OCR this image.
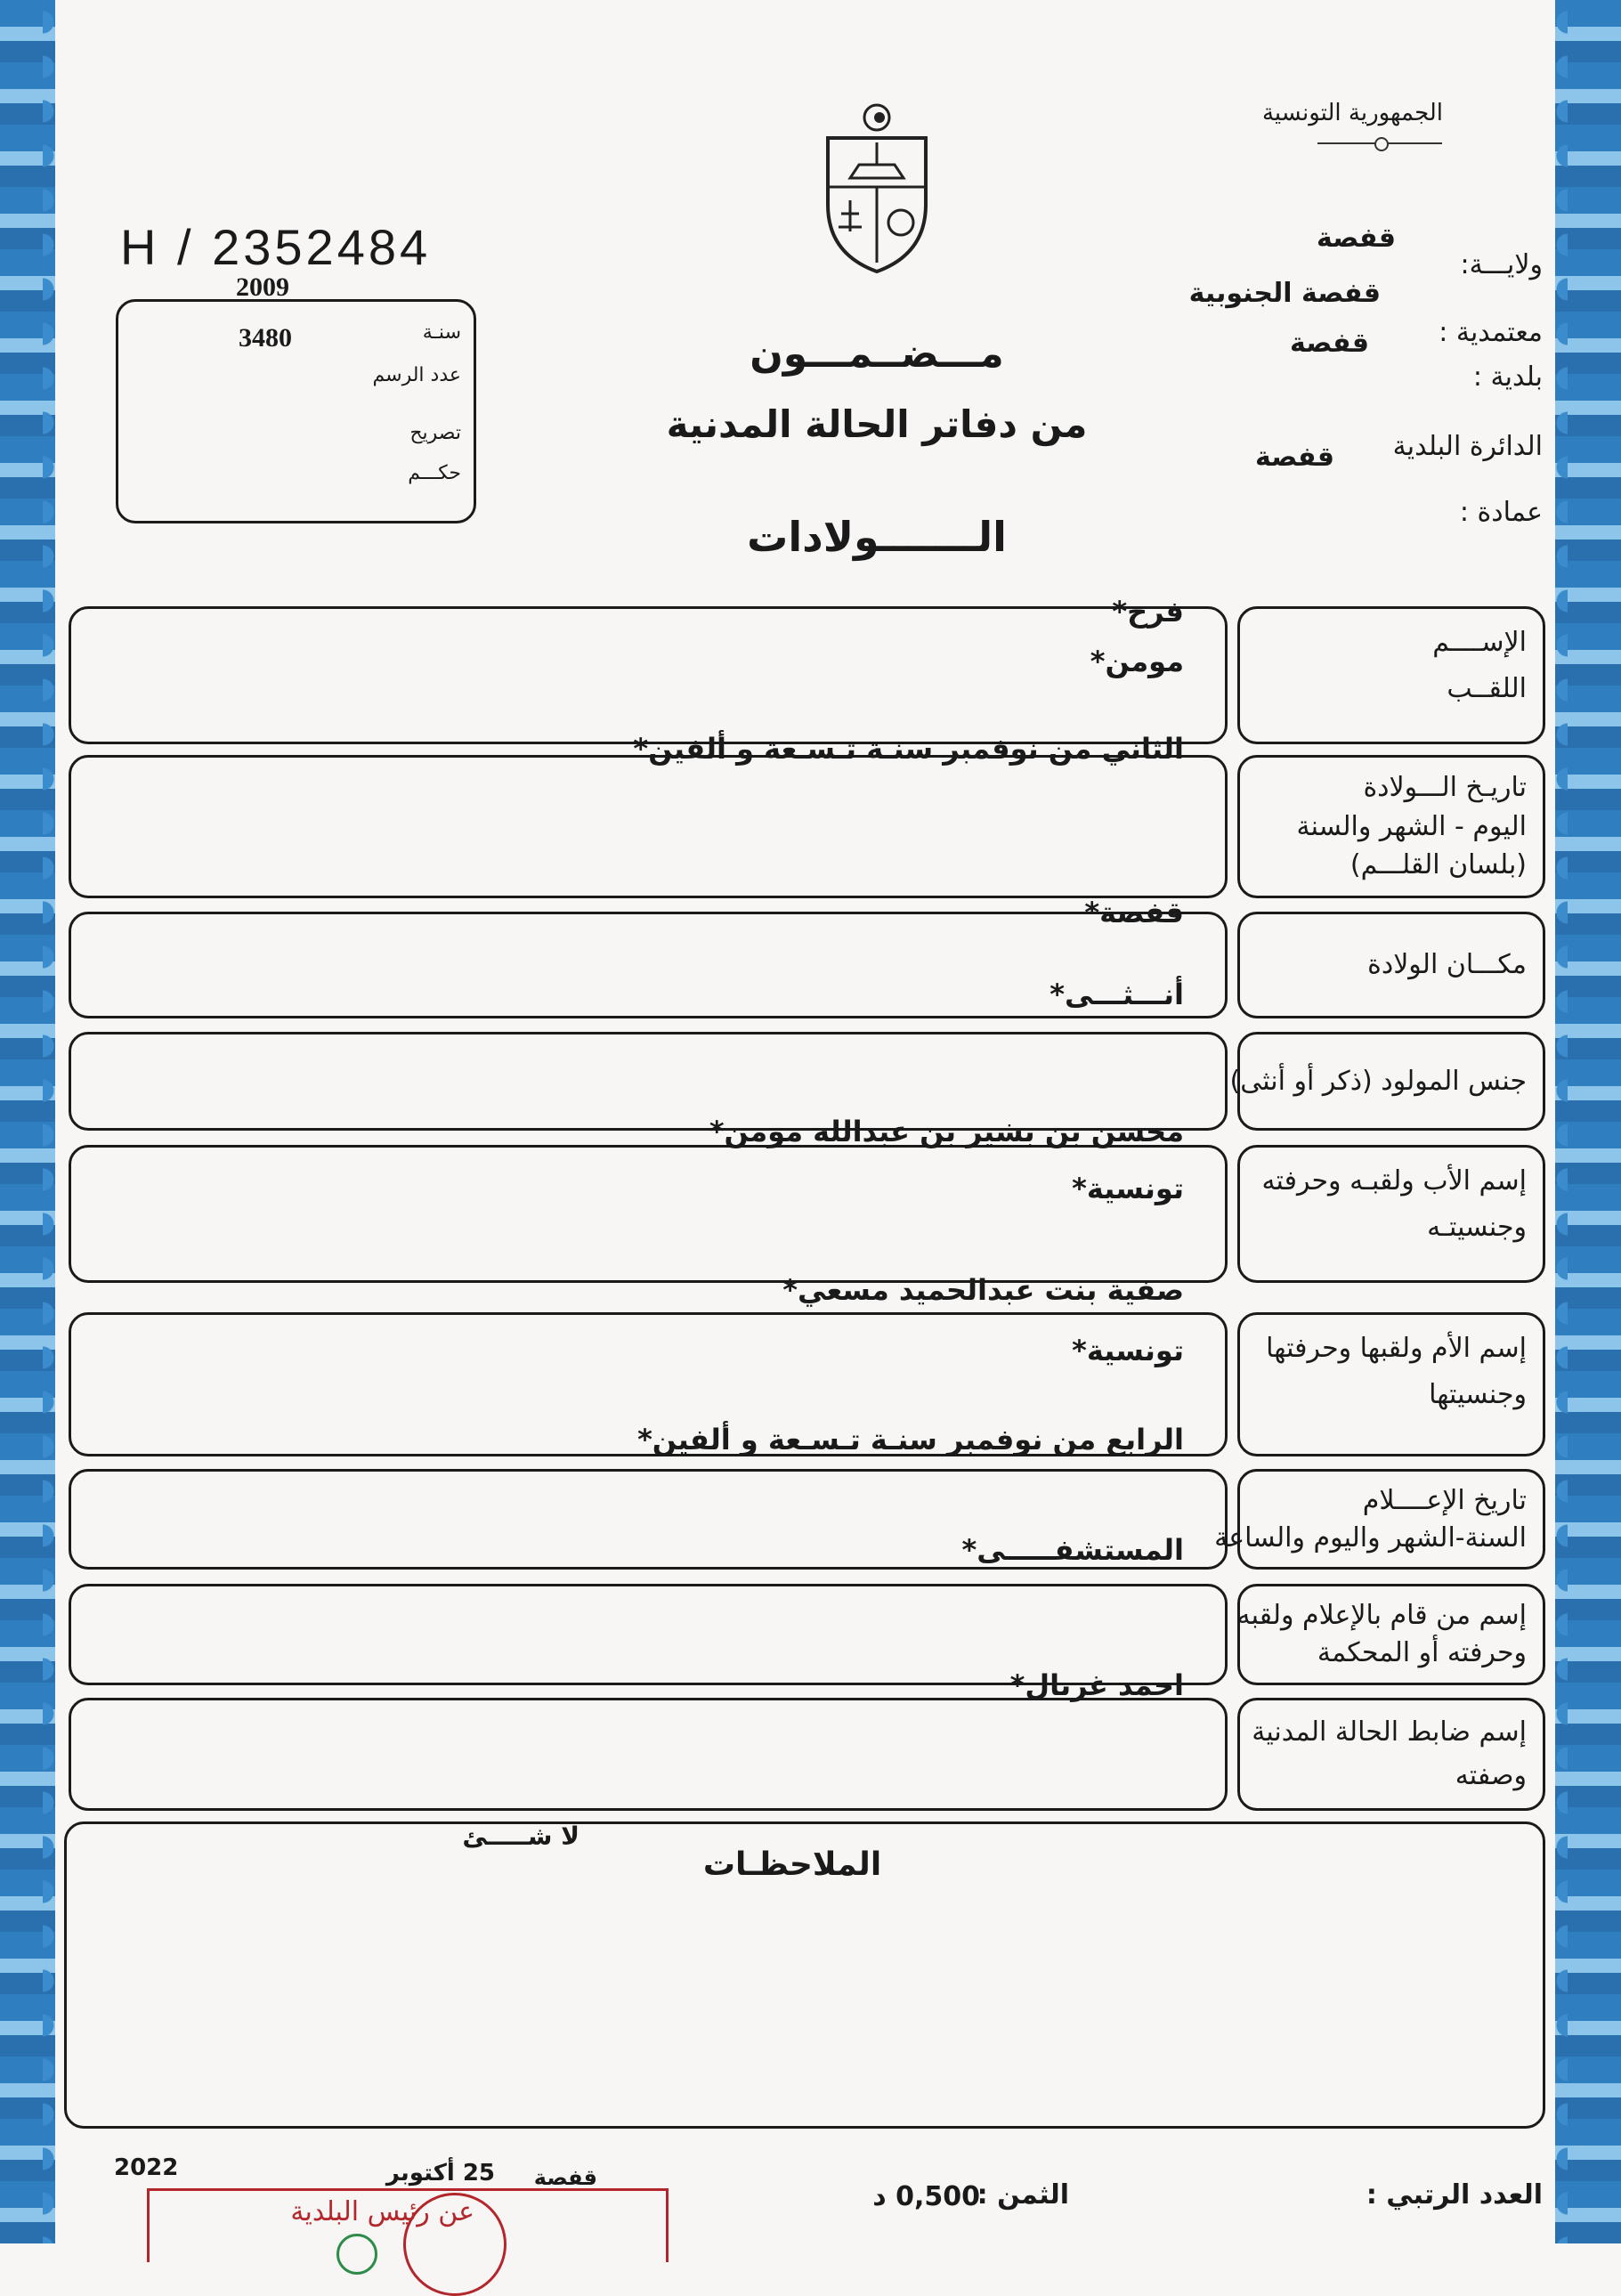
الجمهورية التونسية
قفصة
ولايـــة:
قفصة الجنوبية
معتمدية :
قفصة
بلدية :
الدائرة البلدية
قفصة
عمادة :
H / 2352484
2009
3480	سنـة
عدد الرسم
تصريح
حكـــم
مـــضــمـــون
من دفاتر الحالة المدنية
الـــــــولادات
الإســــم
اللقــب
فرح*
مومن*
تاريـخ الـــولادة
اليوم - الشهر والسنة
(بلسان القلـــم)
الثاني من نوفمبر سنـة تـسـعة و ألفين*
مكـــان الولادة
قفصة*
جنس المولود (ذكر أو أنثى)
أنـــثـــى*
إسم الأب ولقبـه وحرفته
وجنسيتـه
محسن بن بشير بن عبدالله مومن*
تونسية*
إسم الأم ولقبها وحرفتها
وجنسيتها
صفية بنت عبدالحميد مسعي*
تونسية*
تاريخ الإعــــلام
السنة-الشهر واليوم والساعة
الرابع من نوفمبر سنـة تـسـعة و ألفين*
المستشفـــــى*
إسم من قام بالإعلام ولقبه
وحرفته أو المحكمة
إسم ضابط الحالة المدنية
وصفته
احمد غربال*
الملاحظـات
لا شـــــئ
العدد الرتبي :
الثمن :
0,500 د
قفصة
25 أكتوبر
2022
عن رئيس البلدية
